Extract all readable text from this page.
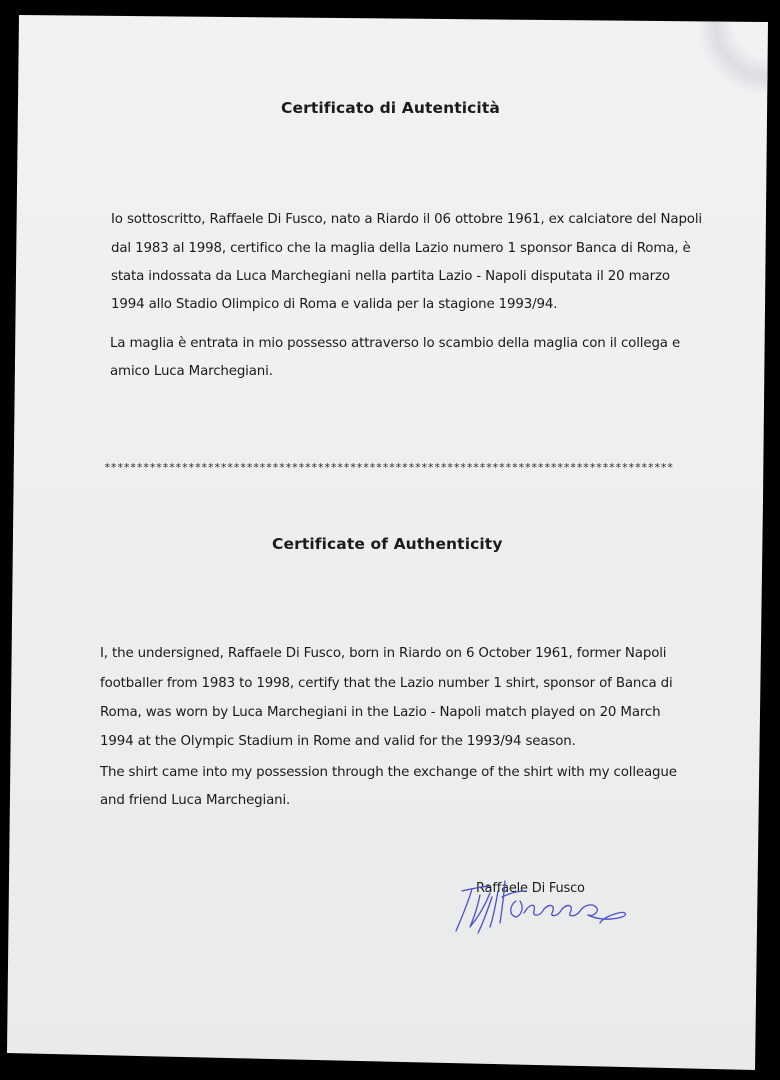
Certificato di Autenticità
Io sottoscritto, Raffaele Di Fusco, nato a Riardo il 06 ottobre 1961, ex calciatore del Napoli
dal 1983 al 1998, certifico che la maglia della Lazio numero 1 sponsor Banca di Roma, è
stata indossata da Luca Marchegiani nella partita Lazio - Napoli disputata il 20 marzo
1994 allo Stadio Olimpico di Roma e valida per la stagione 1993/94.
La maglia è entrata in mio possesso attraverso lo scambio della maglia con il collega e
amico Luca Marchegiani.
****************************************************************************************
Certificate of Authenticity
I, the undersigned, Raffaele Di Fusco, born in Riardo on 6 October 1961, former Napoli
footballer from 1983 to 1998, certify that the Lazio number 1 shirt, sponsor of Banca di
Roma, was worn by Luca Marchegiani in the Lazio - Napoli match played on 20 March
1994 at the Olympic Stadium in Rome and valid for the 1993/94 season.
The shirt came into my possession through the exchange of the shirt with my colleague
and friend Luca Marchegiani.
Raffaele Di Fusco
